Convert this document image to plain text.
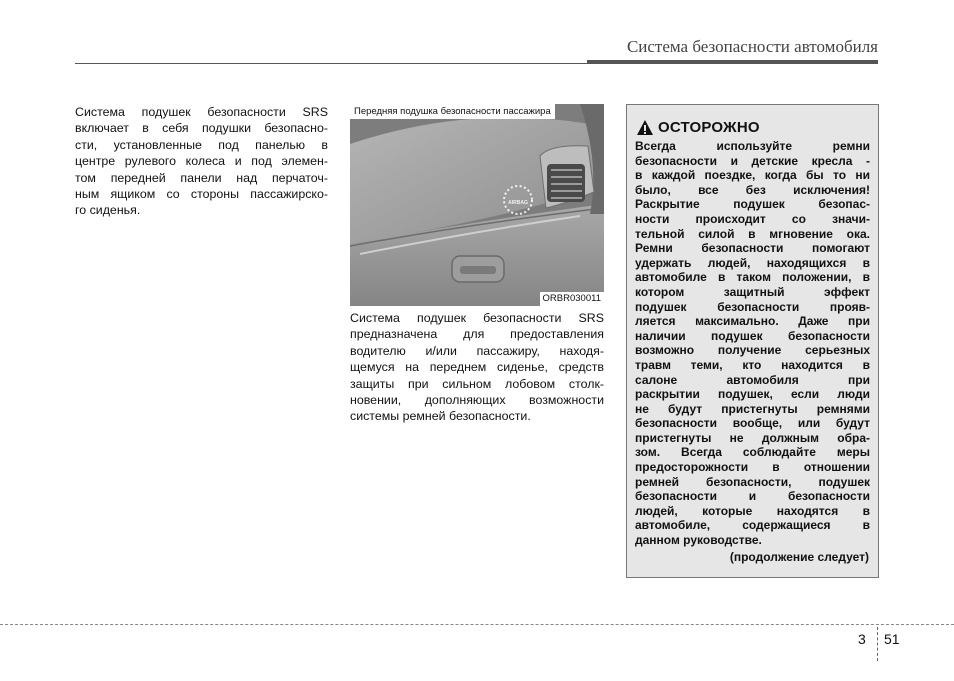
Система безопасности автомобиля
Система подушек безопасности SRS
включает в себя подушки безопасно-
сти, установленные под панелью в
центре рулевого колеса и под элемен-
том передней панели над перчаточ-
ным ящиком со стороны пассажирско-
го сиденья.
AIRBAG
Передняя подушка безопасности пассажира
ORBR030011
Система подушек безопасности SRS
предназначена для предоставления
водителю и/или пассажиру, находя-
щемуся на переднем сиденье, средств
защиты при сильном лобовом столк-
новении, дополняющих возможности
системы ремней безопасности.
ОСТОРОЖНО
Всегда используйте ремни
безопасности и детские кресла -
в каждой поездке, когда бы то ни
было, все без исключения!
Раскрытие подушек безопас-
ности происходит со значи-
тельной силой в мгновение ока.
Ремни безопасности помогают
удержать людей, находящихся в
автомобиле в таком положении, в
котором защитный эффект
подушек безопасности прояв-
ляется максимально. Даже при
наличии подушек безопасности
возможно получение серьезных
травм теми, кто находится в
салоне автомобиля при
раскрытии подушек, если люди
не будут пристегнуты ремнями
безопасности вообще, или будут
пристегнуты не должным обра-
зом. Всегда соблюдайте меры
предосторожности в отношении
ремней безопасности, подушек
безопасности и безопасности
людей, которые находятся в
автомобиле, содержащиеся в
данном руководстве.
(продолжение следует)
3 51
